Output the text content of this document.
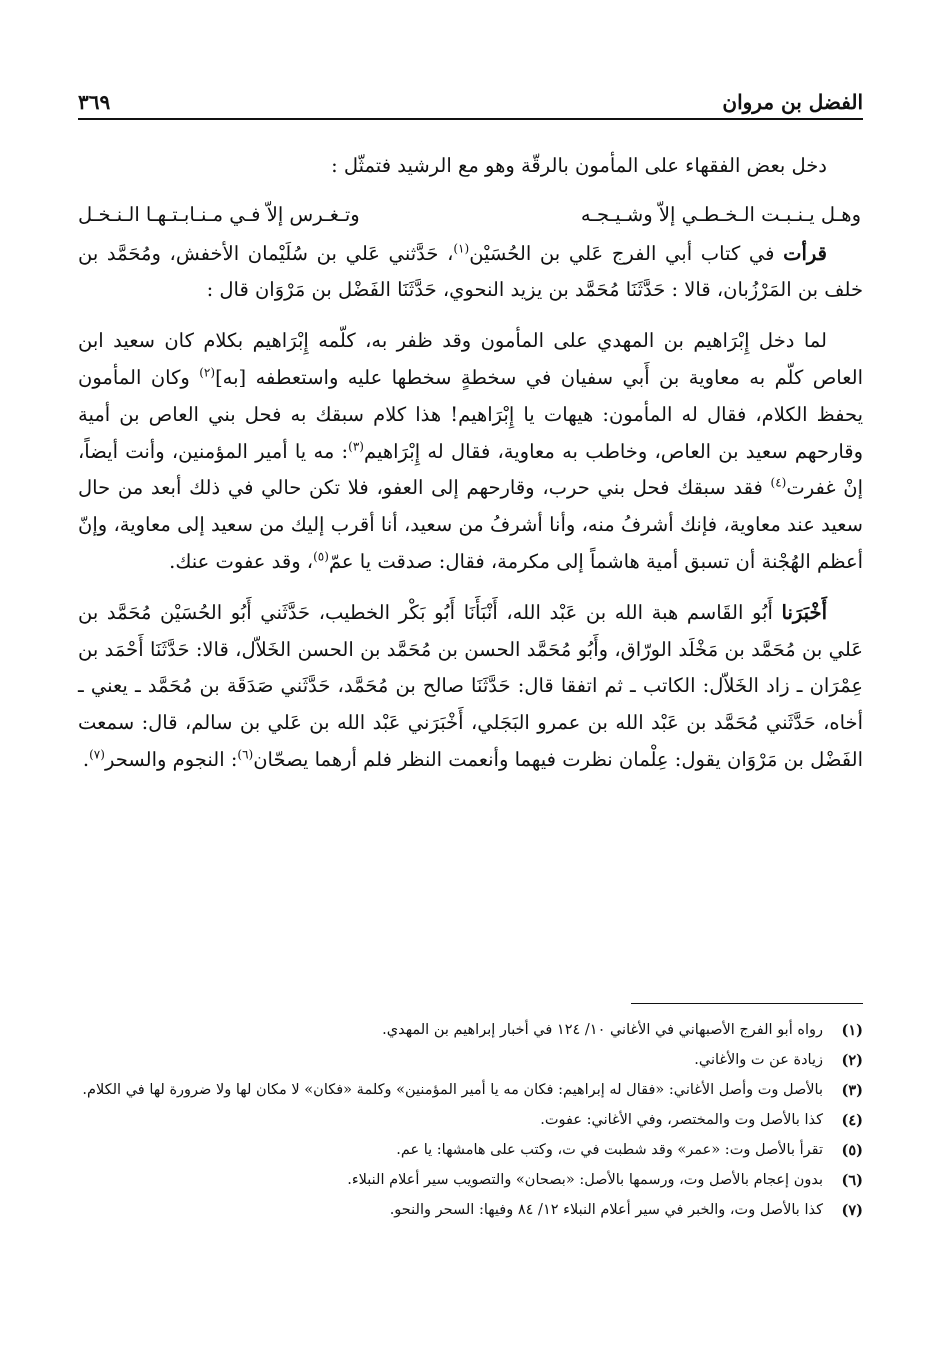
الفضل بن مروان
٣٦٩

دخل بعض الفقهاء على المأمون بالرقّة وهو مع الرشيد فتمثّل :

وهـل يـنـبـت الـخـطـي إلاّ وشـيـجـه
وتـغـرس إلاّ فـي مـنـابـتـهـا الـنـخـل

قرأت في كتاب أبي الفرج عَلي بن الحُسَيْن$^{(١)}$، حَدَّثني عَلي بن سُلَيْمان الأخفش، ومُحَمَّد بن خلف بن المَرْزُبان، قالا : حَدَّثَنَا مُحَمَّد بن يزيد النحوي، حَدَّثَنَا الفَضْل بن مَرْوَان قال :

لما دخل إِبْرَاهيم بن المهدي على المأمون وقد ظفر به، كلّمه إِبْرَاهيم بكلام كان سعيد ابن العاص كلّم به معاوية بن أَبي سفيان في سخطةٍ سخطها عليه واستعطفه [به]$^{(٢)}$ وكان المأمون يحفظ الكلام، فقال له المأمون: هيهات يا إِبْرَاهيم! هذا كلام سبقك به فحل بني العاص بن أمية وقارحهم سعيد بن العاص، وخاطب به معاوية، فقال له إِبْرَاهيم$^{(٣)}$: مه يا أمير المؤمنين، وأنت أيضاً، إنْ غفرت$^{(٤)}$ فقد سبقك فحل بني حرب، وقارحهم إلى العفو، فلا تكن حالي في ذلك أبعد من حال سعيد عند معاوية، فإنك أشرفُ منه، وأنا أشرفُ من سعيد، أنا أقرب إليك من سعيد إلى معاوية، وإنّ أعظم الهُجْنة أن تسبق أمية هاشماً إلى مكرمة، فقال: صدقت يا عمّ$^{(٥)}$، وقد عفوت عنك.

أَخْبَرَنا أَبُو القَاسم هبة الله بن عَبْد الله، أَنْبَأَنَا أَبُو بَكْر الخطيب، حَدَّثَني أَبُو الحُسَيْن مُحَمَّد بن عَلي بن مُحَمَّد بن مَخْلَد الورّاق، وأَبُو مُحَمَّد الحسن بن مُحَمَّد بن الحسن الخَلاّل، قالا: حَدَّثَنَا أَحْمَد بن عِمْرَان ـ زاد الخَلاّل: الكاتب ـ ثم اتفقا قال: حَدَّثَنَا صالح بن مُحَمَّد، حَدَّثَني صَدَقَة بن مُحَمَّد ـ يعني ـ أخاه، حَدَّثَني مُحَمَّد بن عَبْد الله بن عمرو البَجَلي، أَخْبَرَني عَبْد الله بن عَلي بن سالم، قال: سمعت الفَضْل بن مَرْوَان يقول: عِلْمان نظرت فيهما وأنعمت النظر فلم أرهما يصحّان$^{(٦)}$: النجوم والسحر$^{(٧)}$.

(١)
رواه أبو الفرج الأصبهاني في الأغاني ١٠/ ١٢٤ في أخبار إبراهيم بن المهدي.
(٢)
زيادة عن ت والأغاني.
(٣)
بالأصل وت وأصل الأغاني: «فقال له إبراهيم: فكان مه يا أمير المؤمنين» وكلمة «فكان» لا مكان لها ولا ضرورة لها في الكلام.
(٤)
كذا بالأصل وت والمختصر، وفي الأغاني: عفوت.
(٥)
تقرأ بالأصل وت: «عمر» وقد شطبت في ت، وكتب على هامشها: يا عم.
(٦)
بدون إعجام بالأصل وت، ورسمها بالأصل: «بصحان» والتصويب سير أعلام النبلاء.
(٧)
كذا بالأصل وت، والخبر في سير أعلام النبلاء ١٢/ ٨٤ وفيها: السحر والنحو.
